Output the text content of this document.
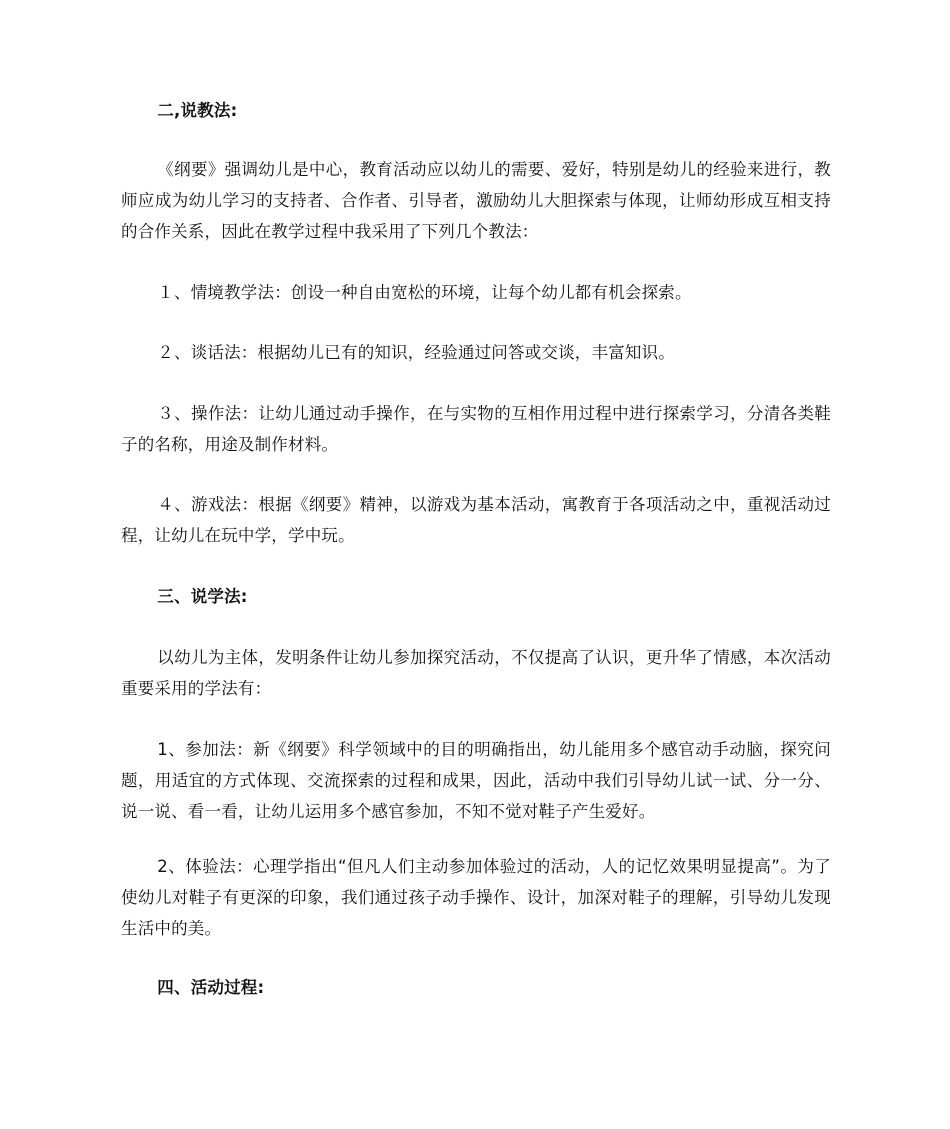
二,说教法:

《纲要》强调幼儿是中心，教育活动应以幼儿的需要、爱好，特别是幼儿的经验来进行，教师应成为幼儿学习的支持者、合作者、引导者，激励幼儿大胆探索与体现，让师幼形成互相支持的合作关系，因此在教学过程中我采用了下列几个教法：

１、情境教学法：创设一种自由宽松的环境，让每个幼儿都有机会探索。

２、谈话法：根据幼儿已有的知识，经验通过问答或交谈，丰富知识。

３、操作法：让幼儿通过动手操作，在与实物的互相作用过程中进行探索学习，分清各类鞋子的名称，用途及制作材料。

４、游戏法：根据《纲要》精神，以游戏为基本活动，寓教育于各项活动之中，重视活动过程，让幼儿在玩中学，学中玩。

三、说学法:

以幼儿为主体，发明条件让幼儿参加探究活动，不仅提高了认识，更升华了情感，本次活动重要采用的学法有：

1、参加法：新《纲要》科学领域中的目的明确指出，幼儿能用多个感官动手动脑，探究问题，用适宜的方式体现、交流探索的过程和成果，因此，活动中我们引导幼儿试一试、分一分、说一说、看一看，让幼儿运用多个感官参加，不知不觉对鞋子产生爱好。

2、体验法：心理学指出“但凡人们主动参加体验过的活动，人的记忆效果明显提高”。为了使幼儿对鞋子有更深的印象，我们通过孩子动手操作、设计，加深对鞋子的理解，引导幼儿发现生活中的美。

四、活动过程:
